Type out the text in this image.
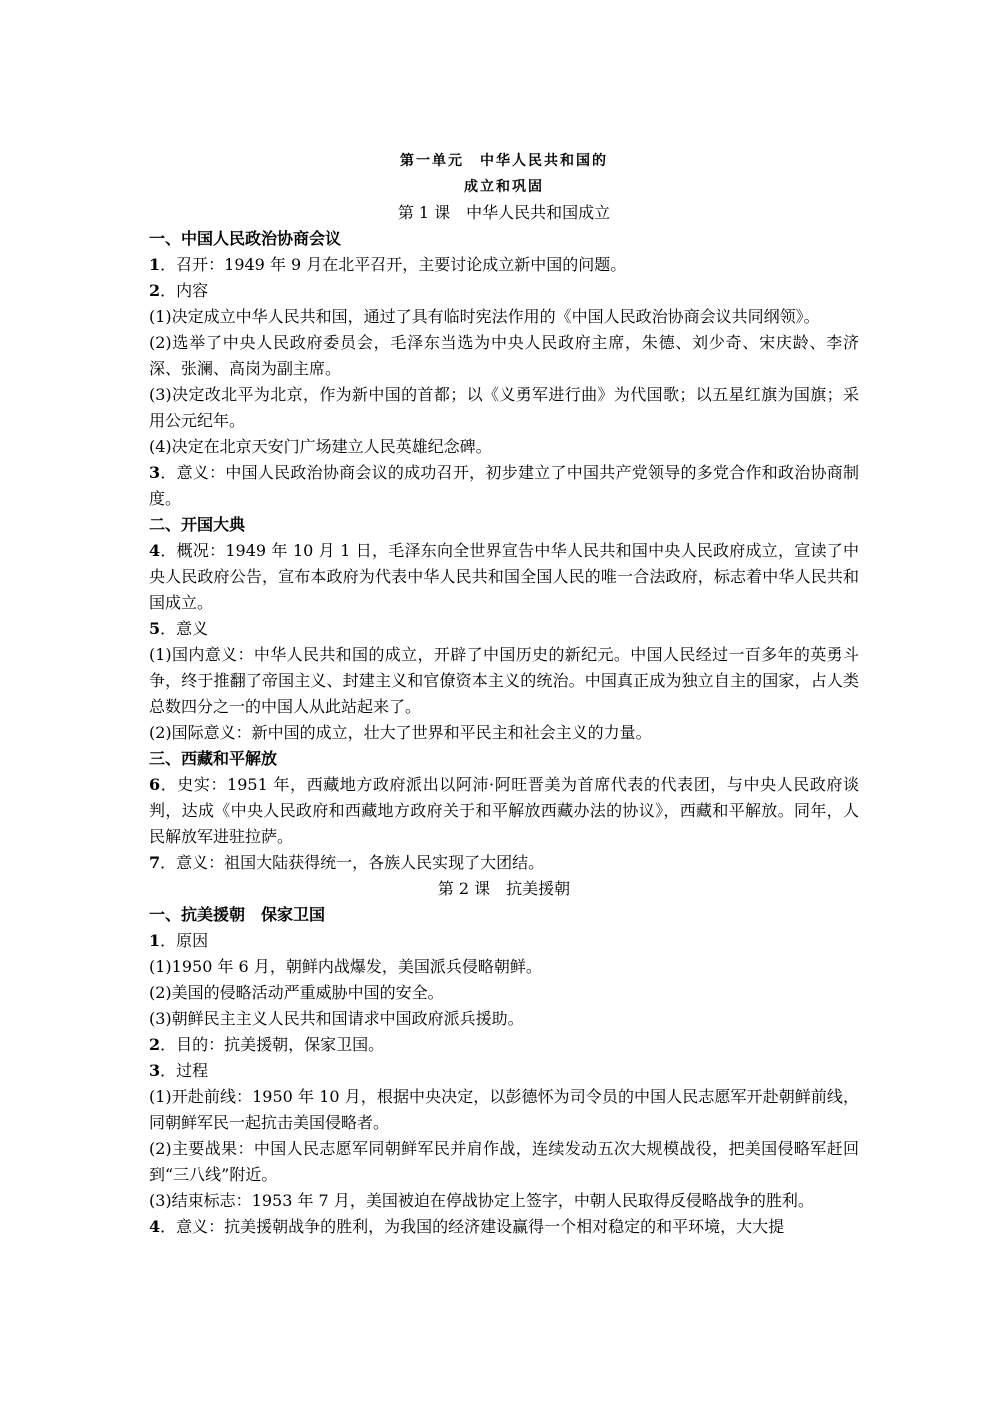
第一单元　中华人民共和国的
成立和巩固
第 1 课　中华人民共和国成立
一、中国人民政治协商会议
1．召开：1949 年 9 月在北平召开，主要讨论成立新中国的问题。
2．内容
(1)决定成立中华人民共和国，通过了具有临时宪法作用的《中国人民政治协商会议共同纲领》。
(2)选举了中央人民政府委员会，毛泽东当选为中央人民政府主席，朱德、刘少奇、宋庆龄、李济深、张澜、高岗为副主席。
(3)决定改北平为北京，作为新中国的首都；以《义勇军进行曲》为代国歌；以五星红旗为国旗；采用公元纪年。
(4)决定在北京天安门广场建立人民英雄纪念碑。
3．意义：中国人民政治协商会议的成功召开，初步建立了中国共产党领导的多党合作和政治协商制度。
二、开国大典
4．概况：1949 年 10 月 1 日，毛泽东向全世界宣告中华人民共和国中央人民政府成立，宣读了中央人民政府公告，宣布本政府为代表中华人民共和国全国人民的唯一合法政府，标志着中华人民共和国成立。
5．意义
(1)国内意义：中华人民共和国的成立，开辟了中国历史的新纪元。中国人民经过一百多年的英勇斗争，终于推翻了帝国主义、封建主义和官僚资本主义的统治。中国真正成为独立自主的国家，占人类总数四分之一的中国人从此站起来了。
(2)国际意义：新中国的成立，壮大了世界和平民主和社会主义的力量。
三、西藏和平解放
6．史实：1951 年，西藏地方政府派出以阿沛·阿旺晋美为首席代表的代表团，与中央人民政府谈判，达成《中央人民政府和西藏地方政府关于和平解放西藏办法的协议》，西藏和平解放。同年，人民解放军进驻拉萨。
7．意义：祖国大陆获得统一，各族人民实现了大团结。
第 2 课　抗美援朝
一、抗美援朝　保家卫国
1．原因
(1)1950 年 6 月，朝鲜内战爆发，美国派兵侵略朝鲜。
(2)美国的侵略活动严重威胁中国的安全。
(3)朝鲜民主主义人民共和国请求中国政府派兵援助。
2．目的：抗美援朝，保家卫国。
3．过程
(1)开赴前线：1950 年 10 月，根据中央决定，以彭德怀为司令员的中国人民志愿军开赴朝鲜前线，同朝鲜军民一起抗击美国侵略者。
(2)主要战果：中国人民志愿军同朝鲜军民并肩作战，连续发动五次大规模战役，把美国侵略军赶回到“三八线”附近。
(3)结束标志：1953 年 7 月，美国被迫在停战协定上签字，中朝人民取得反侵略战争的胜利。
4．意义：抗美援朝战争的胜利，为我国的经济建设赢得一个相对稳定的和平环境，大大提
